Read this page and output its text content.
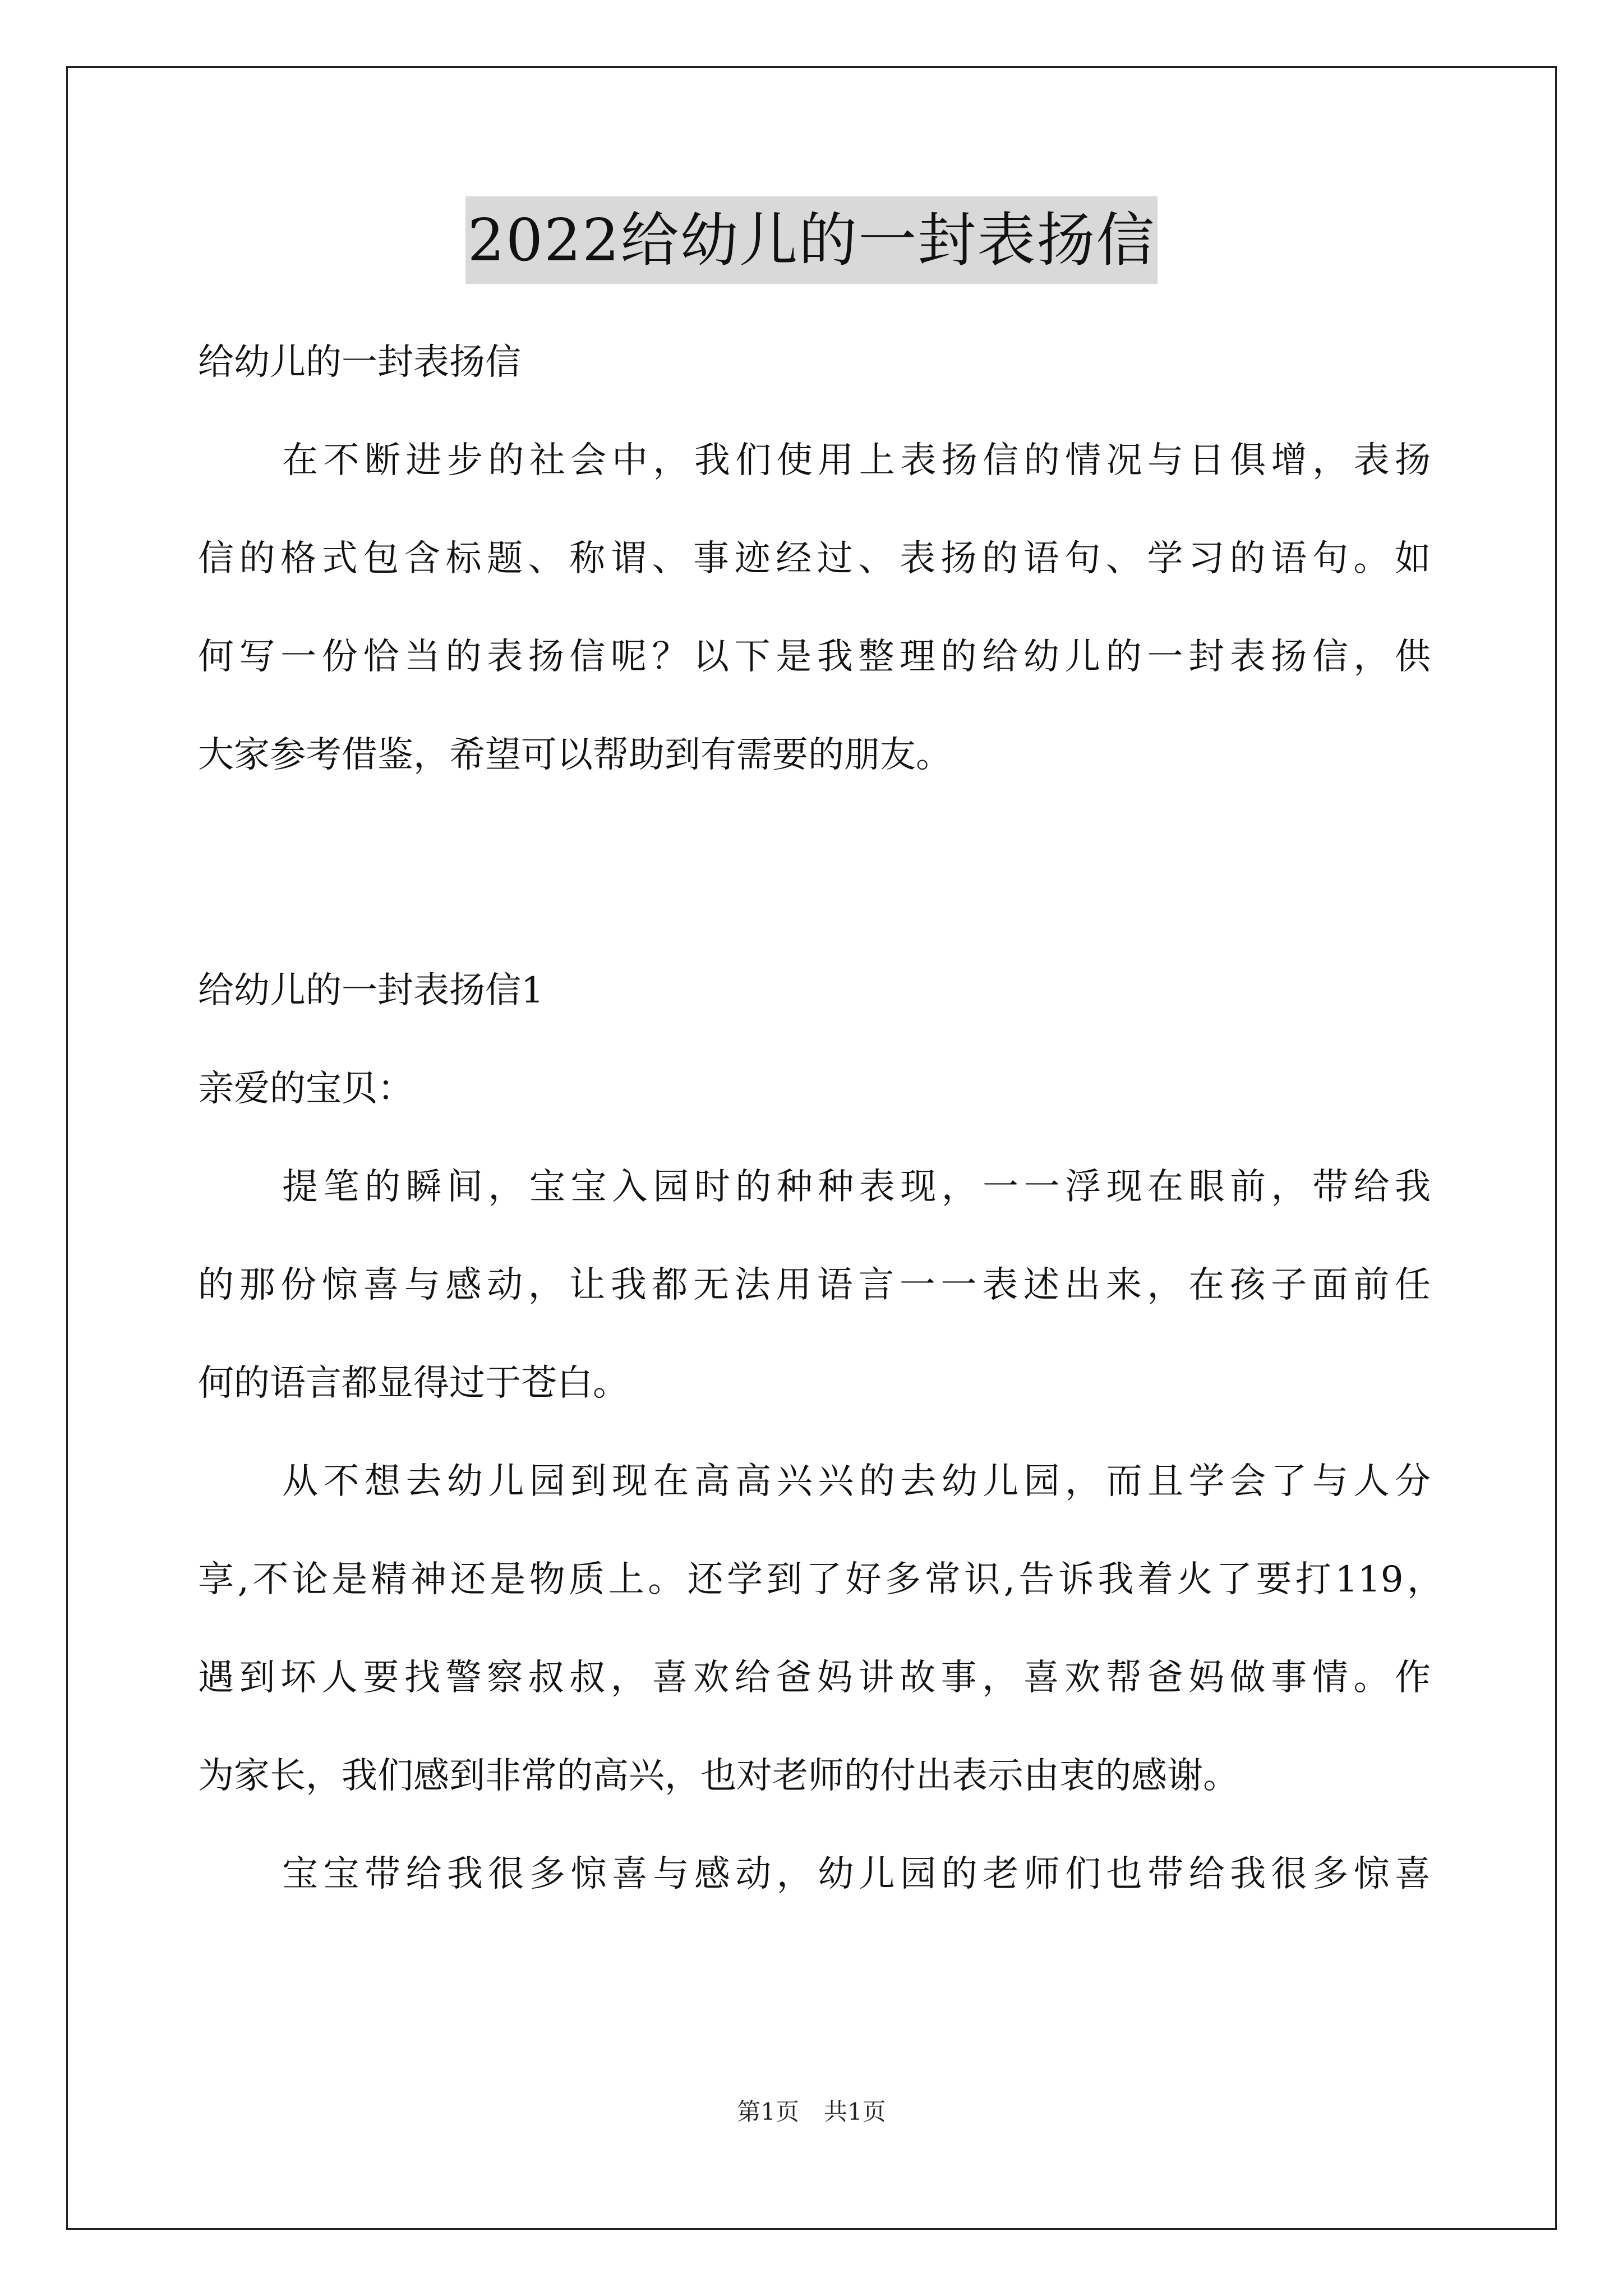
2022给幼儿的一封表扬信
给幼儿的一封表扬信
在不断进步的社会中，我们使用上表扬信的情况与日俱增，表扬
信的格式包含标题、称谓、事迹经过、表扬的语句、学习的语句。如
何写一份恰当的表扬信呢？以下是我整理的给幼儿的一封表扬信，供
大家参考借鉴，希望可以帮助到有需要的朋友。
给幼儿的一封表扬信1
亲爱的宝贝：
提笔的瞬间，宝宝入园时的种种表现，一一浮现在眼前，带给我
的那份惊喜与感动，让我都无法用语言一一表述出来，在孩子面前任
何的语言都显得过于苍白。
从不想去幼儿园到现在高高兴兴的去幼儿园，而且学会了与人分
享,不论是精神还是物质上。还学到了好多常识,告诉我着火了要打119，
遇到坏人要找警察叔叔，喜欢给爸妈讲故事，喜欢帮爸妈做事情。作
为家长，我们感到非常的高兴，也对老师的付出表示由衷的感谢。
宝宝带给我很多惊喜与感动，幼儿园的老师们也带给我很多惊喜
第1页 共1页
